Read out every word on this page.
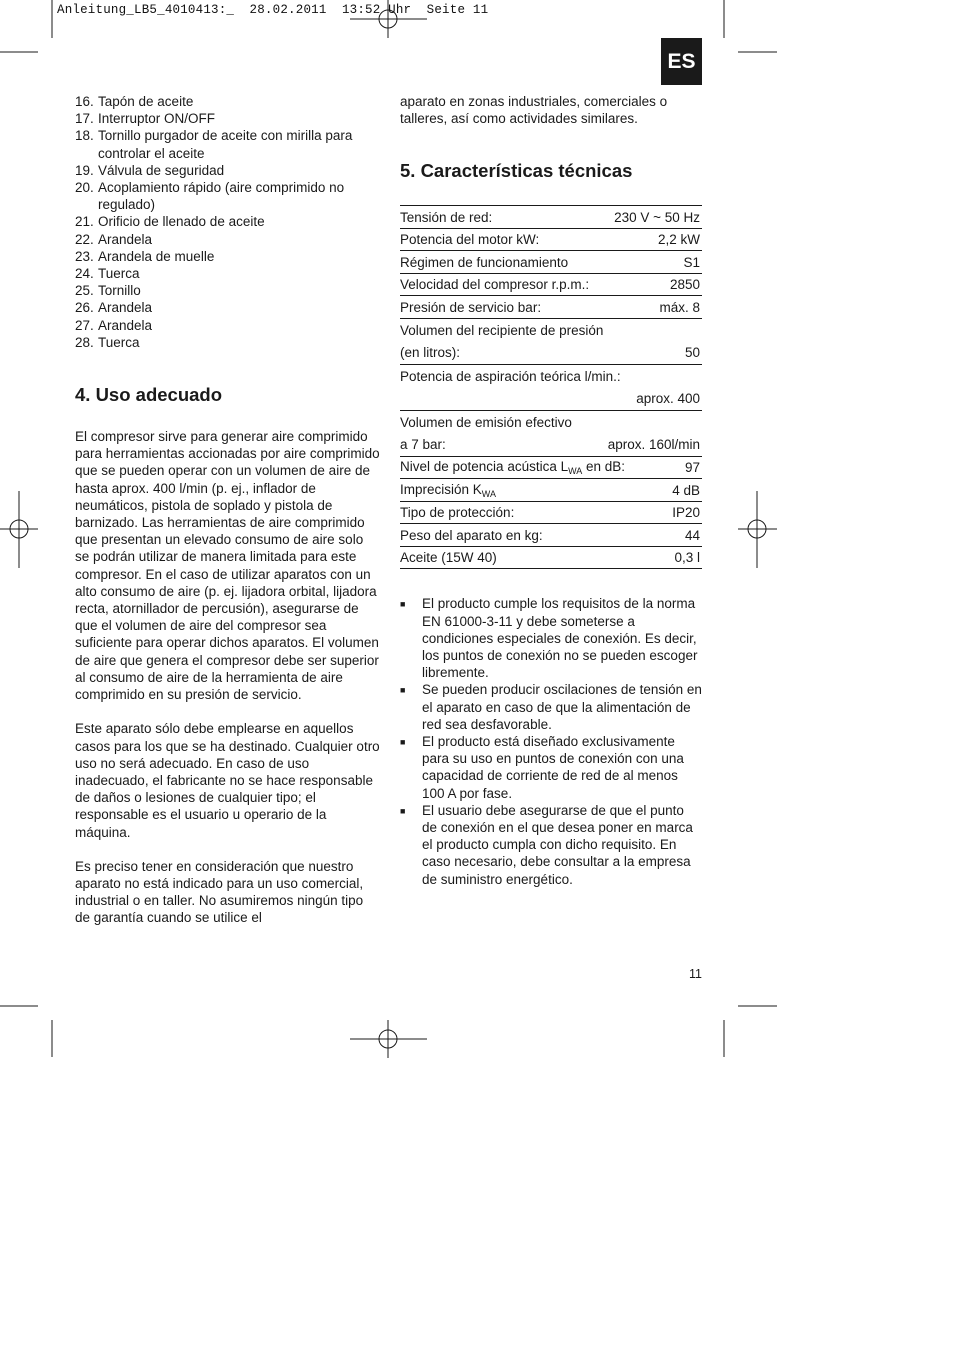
Anleitung_LB5_4010413:_  28.02.2011  13:52 Uhr  Seite 11
ES
16. Tapón de aceite
17. Interruptor ON/OFF
18. Tornillo purgador de aceite con mirilla para controlar el aceite
19. Válvula de seguridad
20. Acoplamiento rápido (aire comprimido no regulado)
21. Orificio de llenado de aceite
22. Arandela
23. Arandela de muelle
24. Tuerca
25. Tornillo
26. Arandela
27. Arandela
28. Tuerca
4. Uso adecuado

El compresor sirve para generar aire comprimido para herramientas accionadas por aire comprimido que se pueden operar con un volumen de aire de hasta aprox. 400 l/min (p. ej., inflador de neumáticos, pistola de soplado y pistola de barnizado. Las herramientas de aire comprimido que presentan un elevado consumo de aire solo se podrán utilizar de manera limitada para este compresor. En el caso de utilizar aparatos con un alto consumo de aire (p. ej. lijadora orbital, lijadora recta, atornillador de percusión), asegurarse de que el volumen de aire del compresor sea suficiente para operar dichos aparatos. El volumen de aire que genera el compresor debe ser superior al consumo de aire de la herramienta de aire comprimido en su presión de servicio.

Este aparato sólo debe emplearse en aquellos casos para los que se ha destinado. Cualquier otro uso no será adecuado. En caso de uso inadecuado, el fabricante no se hace responsable de daños o lesiones de cualquier tipo; el responsable es el usuario u operario de la máquina.

Es preciso tener en consideración que nuestro aparato no está indicado para un uso comercial, industrial o en taller. No asumiremos ningún tipo de garantía cuando se utilice el

aparato en zonas industriales, comerciales o talleres, así como actividades similares.

5. Características técnicas
Tensión de red:	230 V ~ 50 Hz
Potencia del motor kW:	2,2 kW
Régimen de funcionamiento	S1
Velocidad del compresor r.p.m.:	2850
Presión de servicio bar:	máx. 8
Volumen del recipiente de presión
(en litros):	50
Potencia de aspiración teórica l/min.:
aprox. 400
Volumen de emisión efectivo
a 7 bar:	aprox. 160l/min
Nivel de potencia acústica $L_{WA}$ en dB:	97
Imprecisión $K_{WA}$	4 dB
Tipo de protección:	IP20
Peso del aparato en kg:	44
Aceite (15W 40)	0,3 l
■	El producto cumple los requisitos de la norma EN 61000-3-11 y debe someterse a condiciones especiales de conexión. Es decir, los puntos de conexión no se pueden escoger libremente.
■	Se pueden producir oscilaciones de tensión en el aparato en caso de que la alimentación de red sea desfavorable.
■	El producto está diseñado exclusivamente para su uso en puntos de conexión con una capacidad de corriente de red de al menos 100 A por fase.
■	El usuario debe asegurarse de que el punto de conexión en el que desea poner en marca el producto cumpla con dicho requisito. En caso necesario, debe consultar a la empresa de suministro energético.
11
